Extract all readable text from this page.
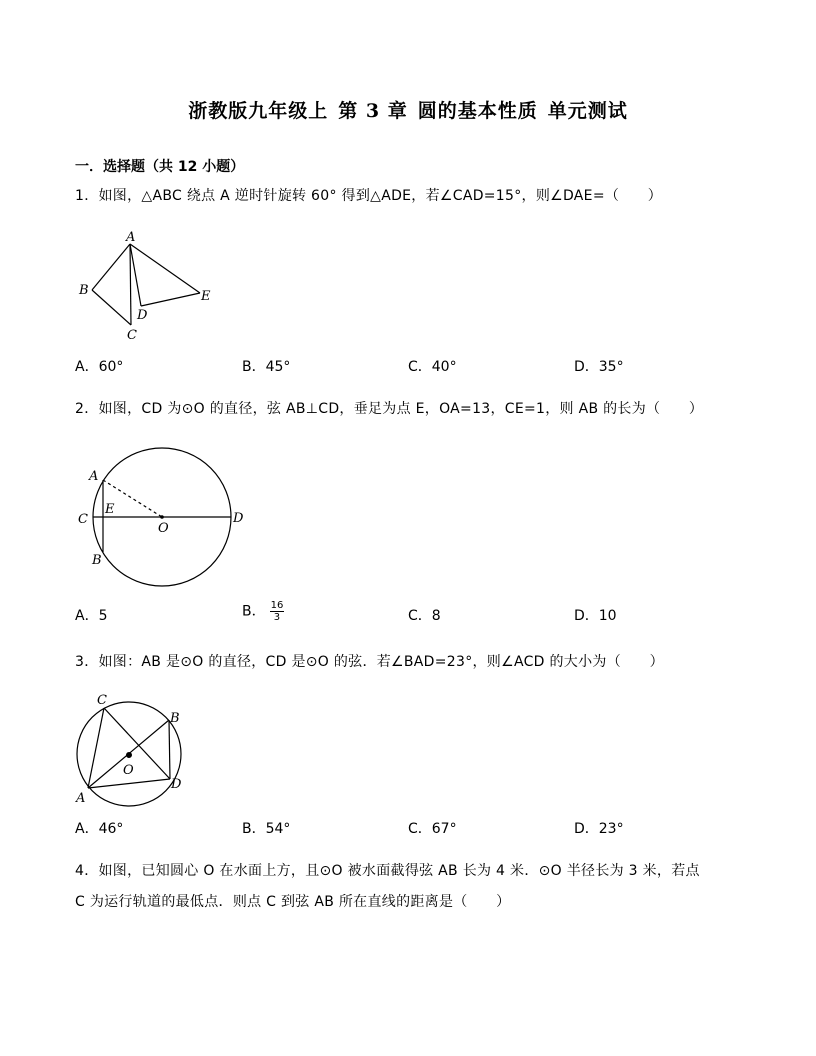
浙教版九年级上 第 3 章 圆的基本性质 单元测试
一．选择题（共 12 小题）
1．如图，△ABC 绕点 A 逆时针旋转 60° 得到△ADE，若∠CAD=15°，则∠DAE=（　　）
A
B
C
D
E
A．60°	B．45°	C．40°	D．35°
2．如图，CD 为⊙O 的直径，弦 AB⊥CD，垂足为点 E，OA=13，CE=1，则 AB 的长为（　　）
A
B
C	D
E
O
A．5	B． $\frac{16}{3}$	C．8	D．10
3．如图：AB 是⊙O 的直径，CD 是⊙O 的弦．若∠BAD=23°，则∠ACD 的大小为（　　）
A
B
C
D
O
A．46°	B．54°	C．67°	D．23°
4．如图，已知圆心 O 在水面上方，且⊙O 被水面截得弦 AB 长为 4 米．⊙O 半径长为 3 米，若点
C 为运行轨道的最低点．则点 C 到弦 AB 所在直线的距离是（　　）
